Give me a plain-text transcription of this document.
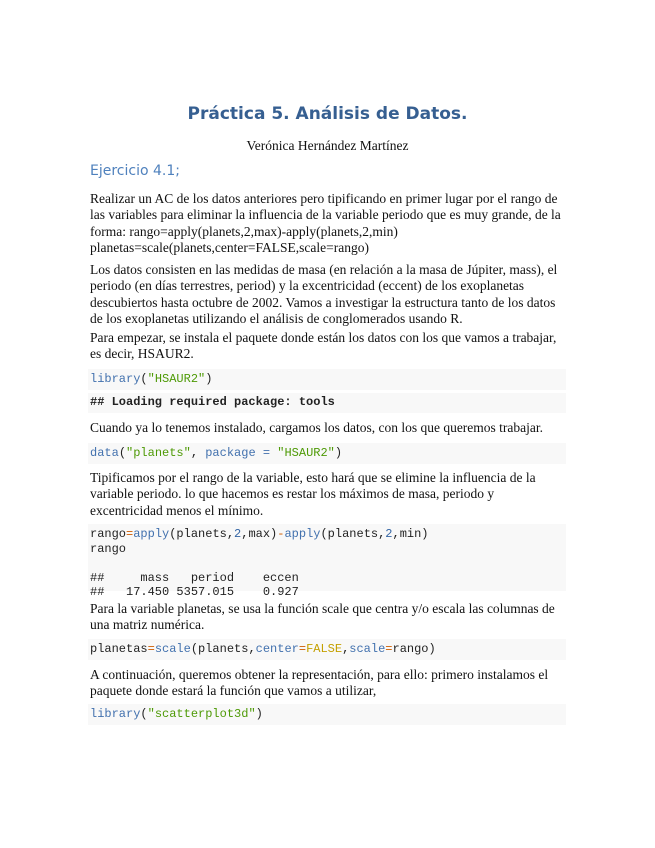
Práctica 5. Análisis de Datos.
Verónica Hernández Martínez
Ejercicio 4.1;

Realizar un AC de los datos anteriores pero tipificando en primer lugar por el rango de las variables para eliminar la influencia de la variable periodo que es muy grande, de la forma: rango=apply(planets,2,max)-apply(planets,2,min) planetas=scale(planets,center=FALSE,scale=rango)

Los datos consisten en las medidas de masa (en relación a la masa de Júpiter, mass), el periodo (en días terrestres, period) y la excentricidad (eccent) de los exoplanetas descubiertos hasta octubre de 2002. Vamos a investigar la estructura tanto de los datos de los exoplanetas utilizando el análisis de conglomerados usando R.

Para empezar, se instala el paquete donde están los datos con los que vamos a trabajar, es decir, HSAUR2.

library("HSAUR2")
## Loading required package: tools

Cuando ya lo tenemos instalado, cargamos los datos, con los que queremos trabajar.

data("planets", package = "HSAUR2")

Tipificamos por el rango de la variable, esto hará que se elimine la influencia de la variable periodo. lo que hacemos es restar los máximos de masa, periodo y excentricidad menos el mínimo.

rango=apply(planets,2,max)-apply(planets,2,min)
rango

##     mass   period    eccen
##   17.450 5357.015    0.927

Para la variable planetas, se usa la función scale que centra y/o escala las columnas de una matriz numérica.

planetas=scale(planets,center=FALSE,scale=rango)

A continuación, queremos obtener la representación, para ello: primero instalamos el paquete donde estará la función que vamos a utilizar,

library("scatterplot3d")
